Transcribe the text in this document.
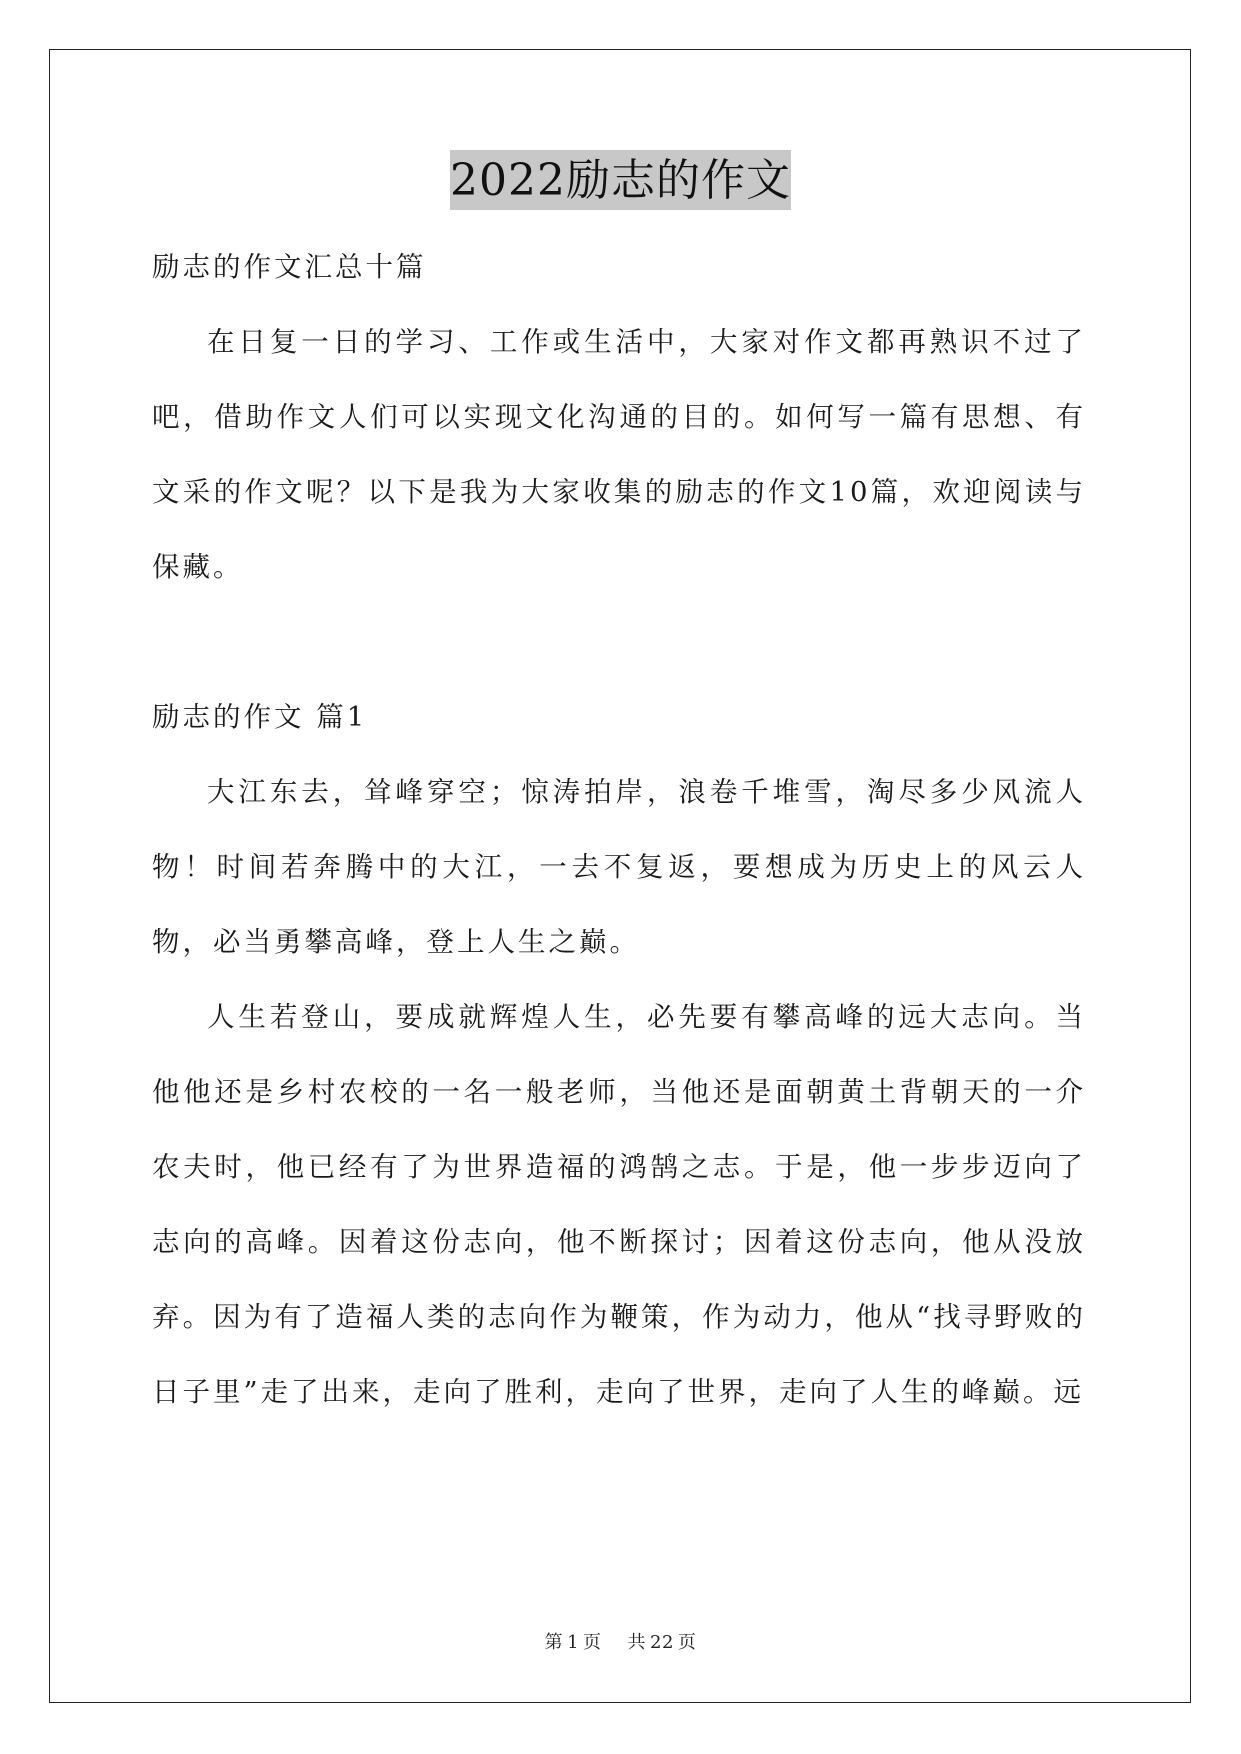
2022励志的作文

励志的作文汇总十篇

在日复一日的学习、工作或生活中，大家对作文都再熟识不过了吧，借助作文人们可以实现文化沟通的目的。如何写一篇有思想、有文采的作文呢？以下是我为大家收集的励志的作文10篇，欢迎阅读与保藏。

励志的作文 篇1

大江东去，耸峰穿空；惊涛拍岸，浪卷千堆雪，淘尽多少风流人物！时间若奔腾中的大江，一去不复返，要想成为历史上的风云人物，必当勇攀高峰，登上人生之巅。

人生若登山，要成就辉煌人生，必先要有攀高峰的远大志向。当他他还是乡村农校的一名一般老师，当他还是面朝黄土背朝天的一介农夫时，他已经有了为世界造福的鸿鹄之志。于是，他一步步迈向了志向的高峰。因着这份志向，他不断探讨；因着这份志向，他从没放弃。因为有了造福人类的志向作为鞭策，作为动力，他从“找寻野败的日子里”走了出来，走向了胜利，走向了世界，走向了人生的峰巅。远

第 1 页 共 22 页
